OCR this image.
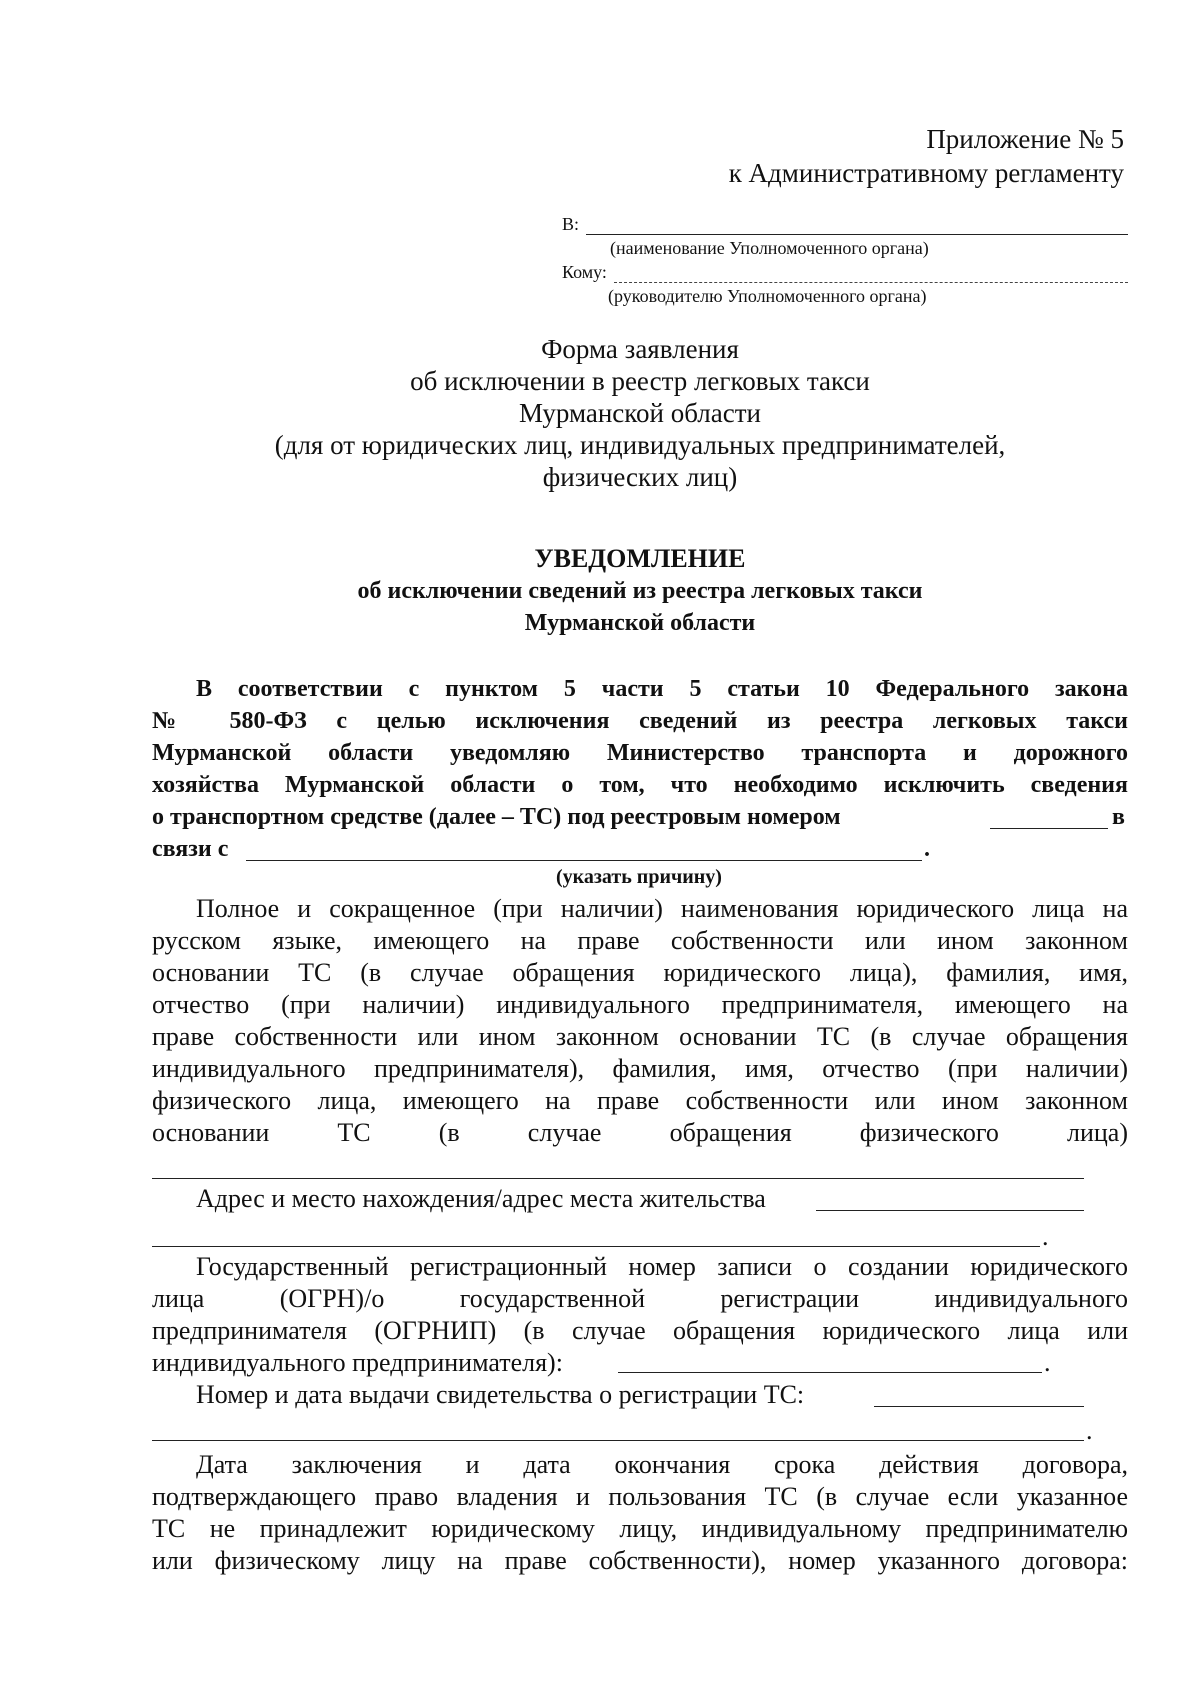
Приложение № 5
к Административному регламенту
В:
(наименование Уполномоченного органа)
Кому:
(руководителю Уполномоченного органа)
Форма заявления
об исключении в реестр легковых такси
Мурманской области
(для от юридических лиц, индивидуальных предпринимателей,
физических лиц)
УВЕДОМЛЕНИЕ
об исключении сведений из реестра легковых такси
Мурманской области
В соответствии с пунктом 5 части 5 статьи 10 Федерального закона
№ 580-ФЗ с целью исключения сведений из реестра легковых такси
Мурманской области уведомляю Министерство транспорта и дорожного
хозяйства Мурманской области о том, что необходимо исключить сведения
о транспортном средстве (далее – ТС) под реестровым номером	в
связи с	.
(указать причину)
Полное и сокращенное (при наличии) наименования юридического лица на
русском языке, имеющего на праве собственности или ином законном
основании ТС (в случае обращения юридического лица), фамилия, имя,
отчество (при наличии) индивидуального предпринимателя, имеющего на
праве собственности или ином законном основании ТС (в случае обращения
индивидуального предпринимателя), фамилия, имя, отчество (при наличии)
физического лица, имеющего на праве собственности или ином законном
основании ТС (в случае обращения физического лица)
Адрес и место нахождения/адрес места жительства
.
Государственный регистрационный номер записи о создании юридического
лица (ОГРН)/о государственной регистрации индивидуального
предпринимателя (ОГРНИП) (в случае обращения юридического лица или
индивидуального предпринимателя):	.
Номер и дата выдачи свидетельства о регистрации ТС:
.
Дата заключения и дата окончания срока действия договора,
подтверждающего право владения и пользования ТС (в случае если указанное
ТС не принадлежит юридическому лицу, индивидуальному предпринимателю
или физическому лицу на праве собственности), номер указанного договора:
